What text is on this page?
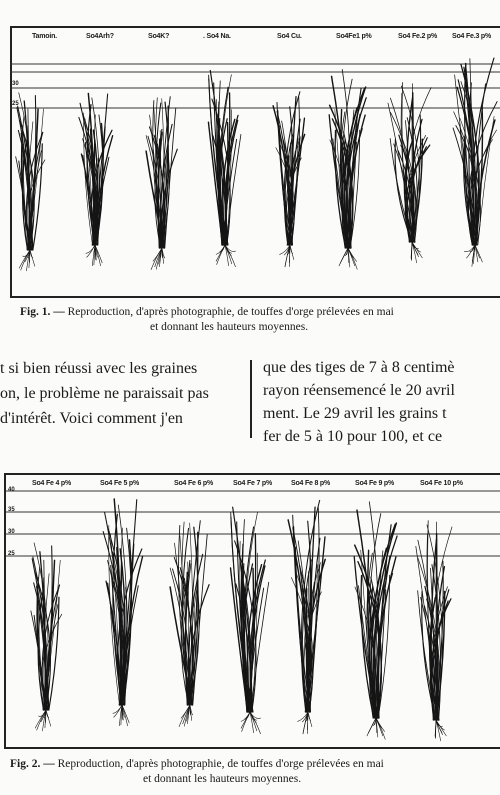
Tamoin.	So4Arh?	So4K?	. So4 Na.	So4 Cu.	So4Fe1 p%	So4 Fe.2 p% So4 Fe.3 p%
30
25
Fig. 1. — Reproduction, d'après photographie, de touffes d'orge prélevées en mai
et donnant les hauteurs moyennes.
t si bien réussi avec les graines
on, le problème ne paraissait pas
d'intérêt. Voici comment j'en
que des tiges de 7 à 8 centimè
rayon réensemencé le 20 avril
ment. Le 29 avril les grains t
fer de 5 à 10 pour 100, et ce
So4 Fe 4 p%	So4 Fe 5 p%	So4 Fe 6 p%	So4 Fe 7 p%	So4 Fe 8 p%	So4 Fe 9 p%	So4 Fe 10 p%
40
35
30
25
Fig. 2. — Reproduction, d'après photographie, de touffes d'orge prélevées en mai
et donnant les hauteurs moyennes.
